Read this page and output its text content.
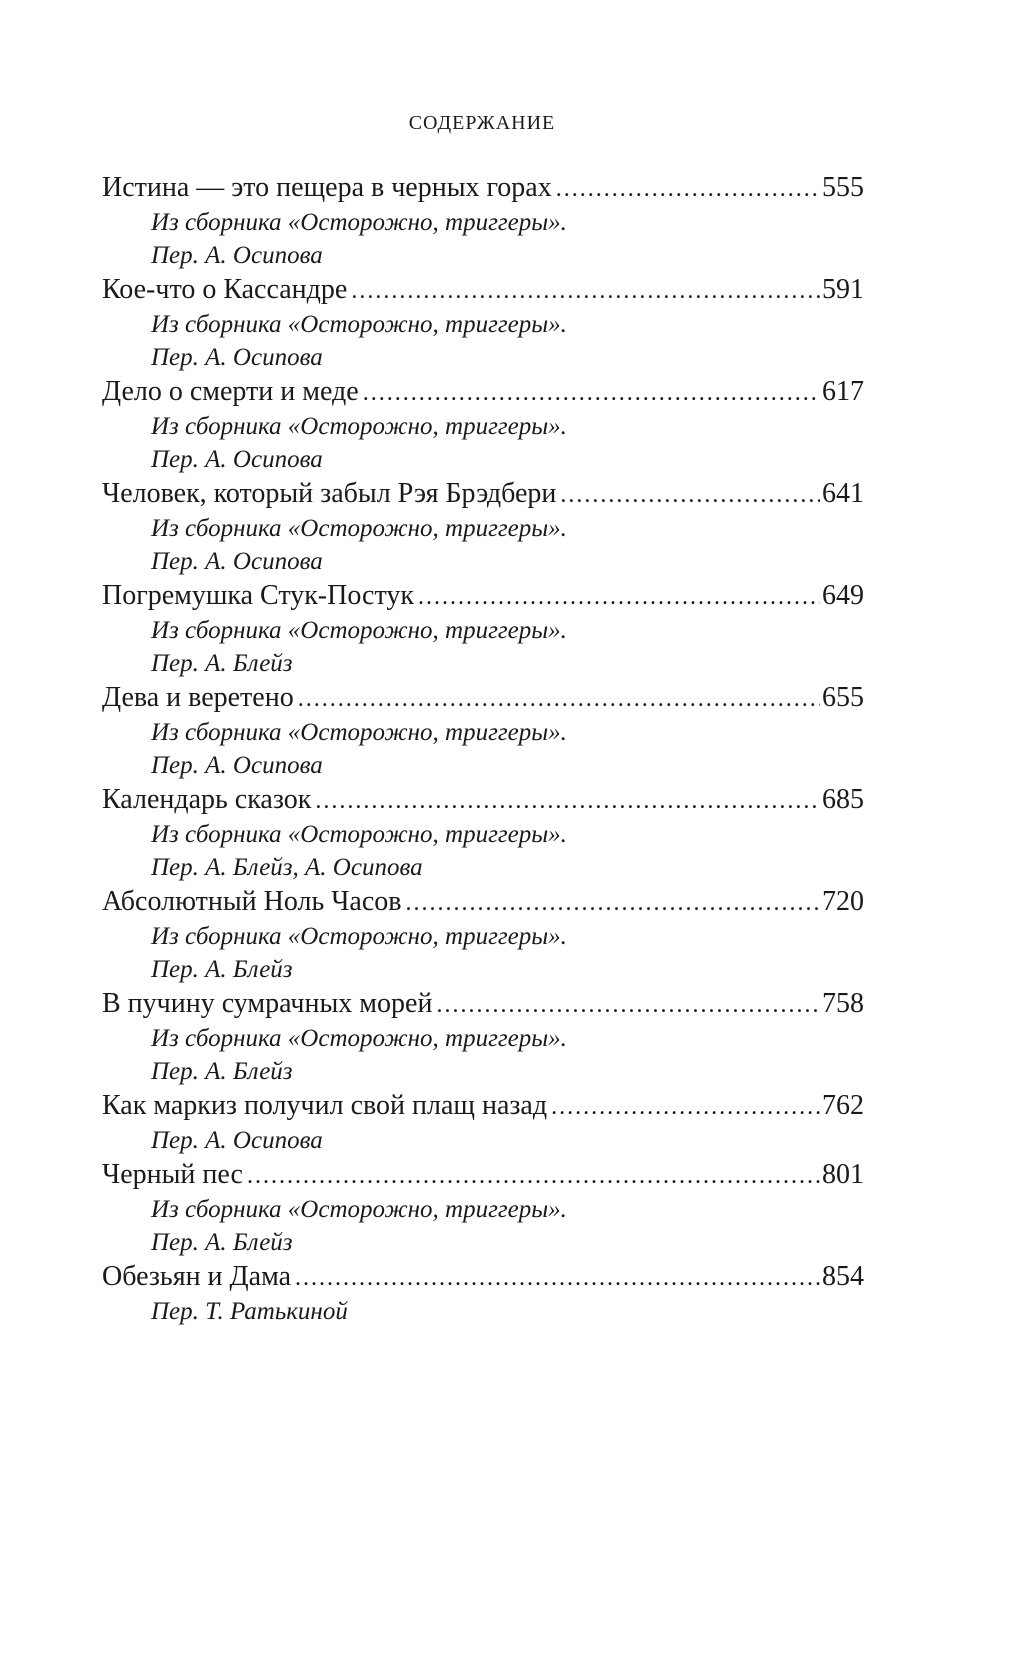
СОДЕРЖАНИЕ
Истина — это пещера в черных горах . . .	555
Из сборника «Осторожно, триггеры».
Пер. А. Осипова
Кое-что о Кассандре . . .	591
Из сборника «Осторожно, триггеры».
Пер. А. Осипова
Дело о смерти и меде . . .	617
Из сборника «Осторожно, триггеры».
Пер. А. Осипова
Человек, который забыл Рэя Брэдбери . . .	641
Из сборника «Осторожно, триггеры».
Пер. А. Осипова
Погремушка Стук-Постук . . .	649
Из сборника «Осторожно, триггеры».
Пер. А. Блейз
Дева и веретено . . .	655
Из сборника «Осторожно, триггеры».
Пер. А. Осипова
Календарь сказок . . .	685
Из сборника «Осторожно, триггеры».
Пер. А. Блейз, А. Осипова
Абсолютный Ноль Часов . . .	720
Из сборника «Осторожно, триггеры».
Пер. А. Блейз
В пучину сумрачных морей . . .	758
Из сборника «Осторожно, триггеры».
Пер. А. Блейз
Как маркиз получил свой плащ назад . . .	762
Пер. А. Осипова
Черный пес . . .	801
Из сборника «Осторожно, триггеры».
Пер. А. Блейз
Обезьян и Дама . . .	854
Пер. Т. Ратькиной
